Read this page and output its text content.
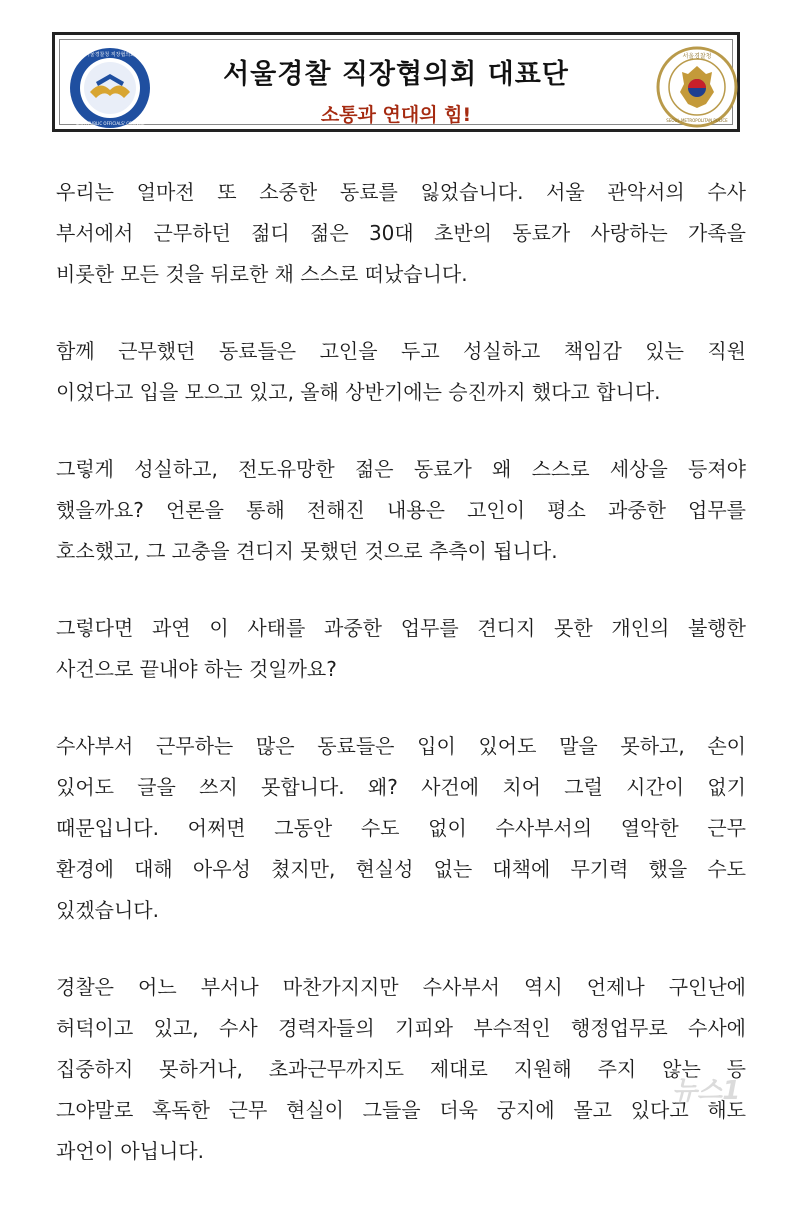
서울경찰청 직장협의회
SMPA PUBLIC OFFICIALS' COUNCIL
서울경찰 직장협의회 대표단
소통과 연대의 힘!
서울경찰청
SEOUL METROPOLITAN POLICE

우리는 얼마전 또 소중한 동료를 잃었습니다. 서울 관악서의 수사
부서에서 근무하던 젊디 젊은 30대 초반의 동료가 사랑하는 가족을
비롯한 모든 것을 뒤로한 채 스스로 떠났습니다.

함께 근무했던 동료들은 고인을 두고 성실하고 책임감 있는 직원
이었다고 입을 모으고 있고, 올해 상반기에는 승진까지 했다고 합니다.

그렇게 성실하고, 전도유망한 젊은 동료가 왜 스스로 세상을 등져야
했을까요? 언론을 통해 전해진 내용은 고인이 평소 과중한 업무를
호소했고, 그 고충을 견디지 못했던 것으로 추측이 됩니다.

그렇다면 과연 이 사태를 과중한 업무를 견디지 못한 개인의 불행한
사건으로 끝내야 하는 것일까요?

수사부서 근무하는 많은 동료들은 입이 있어도 말을 못하고, 손이
있어도 글을 쓰지 못합니다. 왜? 사건에 치어 그럴 시간이 없기
때문입니다. 어쩌면 그동안 수도 없이 수사부서의 열악한 근무
환경에 대해 아우성 쳤지만, 현실성 없는 대책에 무기력 했을 수도
있겠습니다.

경찰은 어느 부서나 마찬가지지만 수사부서 역시 언제나 구인난에
허덕이고 있고, 수사 경력자들의 기피와 부수적인 행정업무로 수사에
집중하지 못하거나, 초과근무까지도 제대로 지원해 주지 않는 등
그야말로 혹독한 근무 현실이 그들을 더욱 궁지에 몰고 있다고 해도
과언이 아닙니다.

뉴스1
